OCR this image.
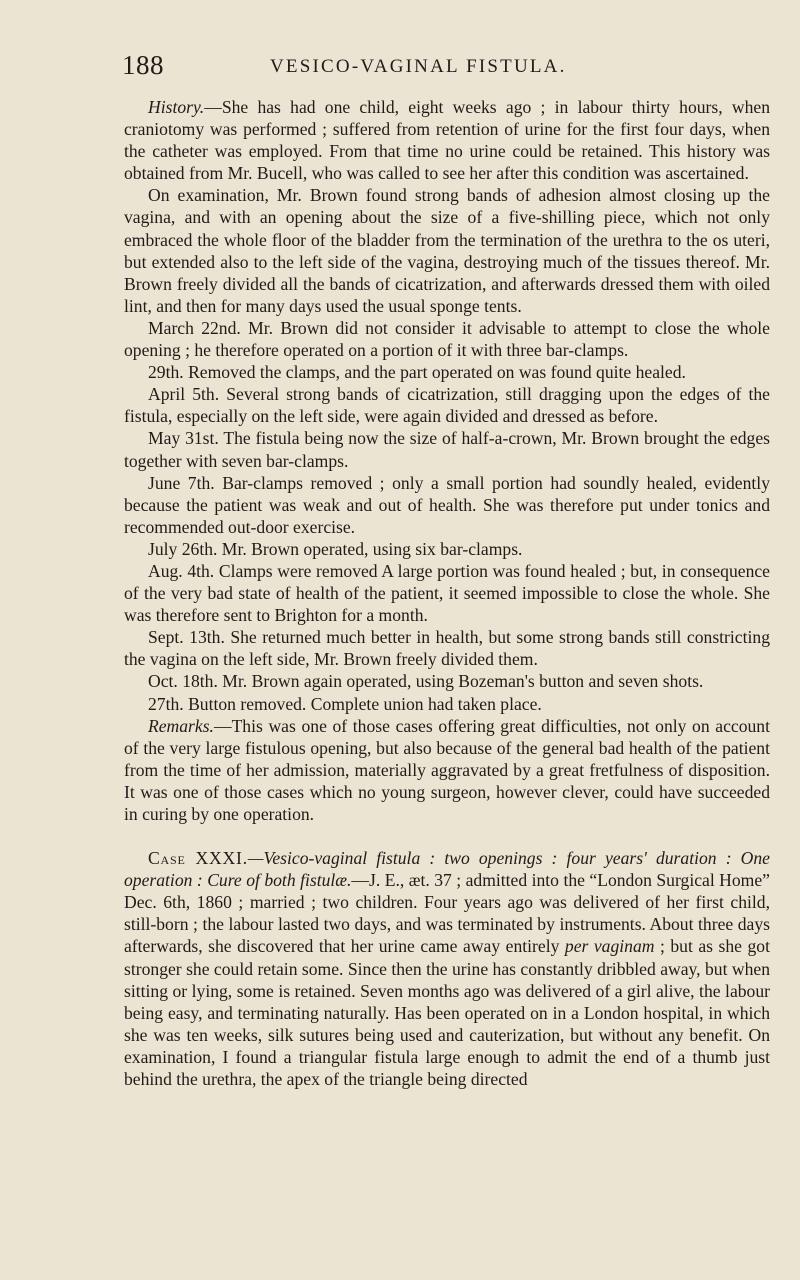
188	VESICO-VAGINAL FISTULA.

History.—She has had one child, eight weeks ago ; in labour thirty hours, when craniotomy was performed ; suffered from retention of urine for the first four days, when the catheter was employed. From that time no urine could be retained. This history was obtained from Mr. Bucell, who was called to see her after this condition was ascertained.

On examination, Mr. Brown found strong bands of adhesion almost closing up the vagina, and with an opening about the size of a five-shilling piece, which not only embraced the whole floor of the bladder from the termination of the urethra to the os uteri, but extended also to the left side of the vagina, destroying much of the tissues thereof. Mr. Brown freely divided all the bands of cicatrization, and afterwards dressed them with oiled lint, and then for many days used the usual sponge tents.

March 22nd. Mr. Brown did not consider it advisable to attempt to close the whole opening ; he therefore operated on a portion of it with three bar-clamps.

29th. Removed the clamps, and the part operated on was found quite healed.

April 5th. Several strong bands of cicatrization, still dragging upon the edges of the fistula, especially on the left side, were again divided and dressed as before.

May 31st. The fistula being now the size of half-a-crown, Mr. Brown brought the edges together with seven bar-clamps.

June 7th. Bar-clamps removed ; only a small portion had soundly healed, evidently because the patient was weak and out of health. She was therefore put under tonics and recommended out-door exercise.

July 26th. Mr. Brown operated, using six bar-clamps.

Aug. 4th. Clamps were removed A large portion was found healed ; but, in consequence of the very bad state of health of the patient, it seemed impossible to close the whole. She was therefore sent to Brighton for a month.

Sept. 13th. She returned much better in health, but some strong bands still constricting the vagina on the left side, Mr. Brown freely divided them.

Oct. 18th. Mr. Brown again operated, using Bozeman's button and seven shots.

27th. Button removed. Complete union had taken place.

Remarks.—This was one of those cases offering great difficulties, not only on account of the very large fistulous opening, but also because of the general bad health of the patient from the time of her admission, materially aggravated by a great fretfulness of disposition. It was one of those cases which no young surgeon, however clever, could have succeeded in curing by one operation.

Case XXXI.—Vesico-vaginal fistula : two openings : four years' duration : One operation : Cure of both fistulæ.—J. E., æt. 37 ; admitted into the “London Surgical Home” Dec. 6th, 1860 ; married ; two children. Four years ago was delivered of her first child, still-born ; the labour lasted two days, and was terminated by instruments. About three days afterwards, she discovered that her urine came away entirely per vaginam ; but as she got stronger she could retain some. Since then the urine has constantly dribbled away, but when sitting or lying, some is retained. Seven months ago was delivered of a girl alive, the labour being easy, and terminating naturally. Has been operated on in a London hospital, in which she was ten weeks, silk sutures being used and cauterization, but without any benefit. On examination, I found a triangular fistula large enough to admit the end of a thumb just behind the urethra, the apex of the triangle being directed
